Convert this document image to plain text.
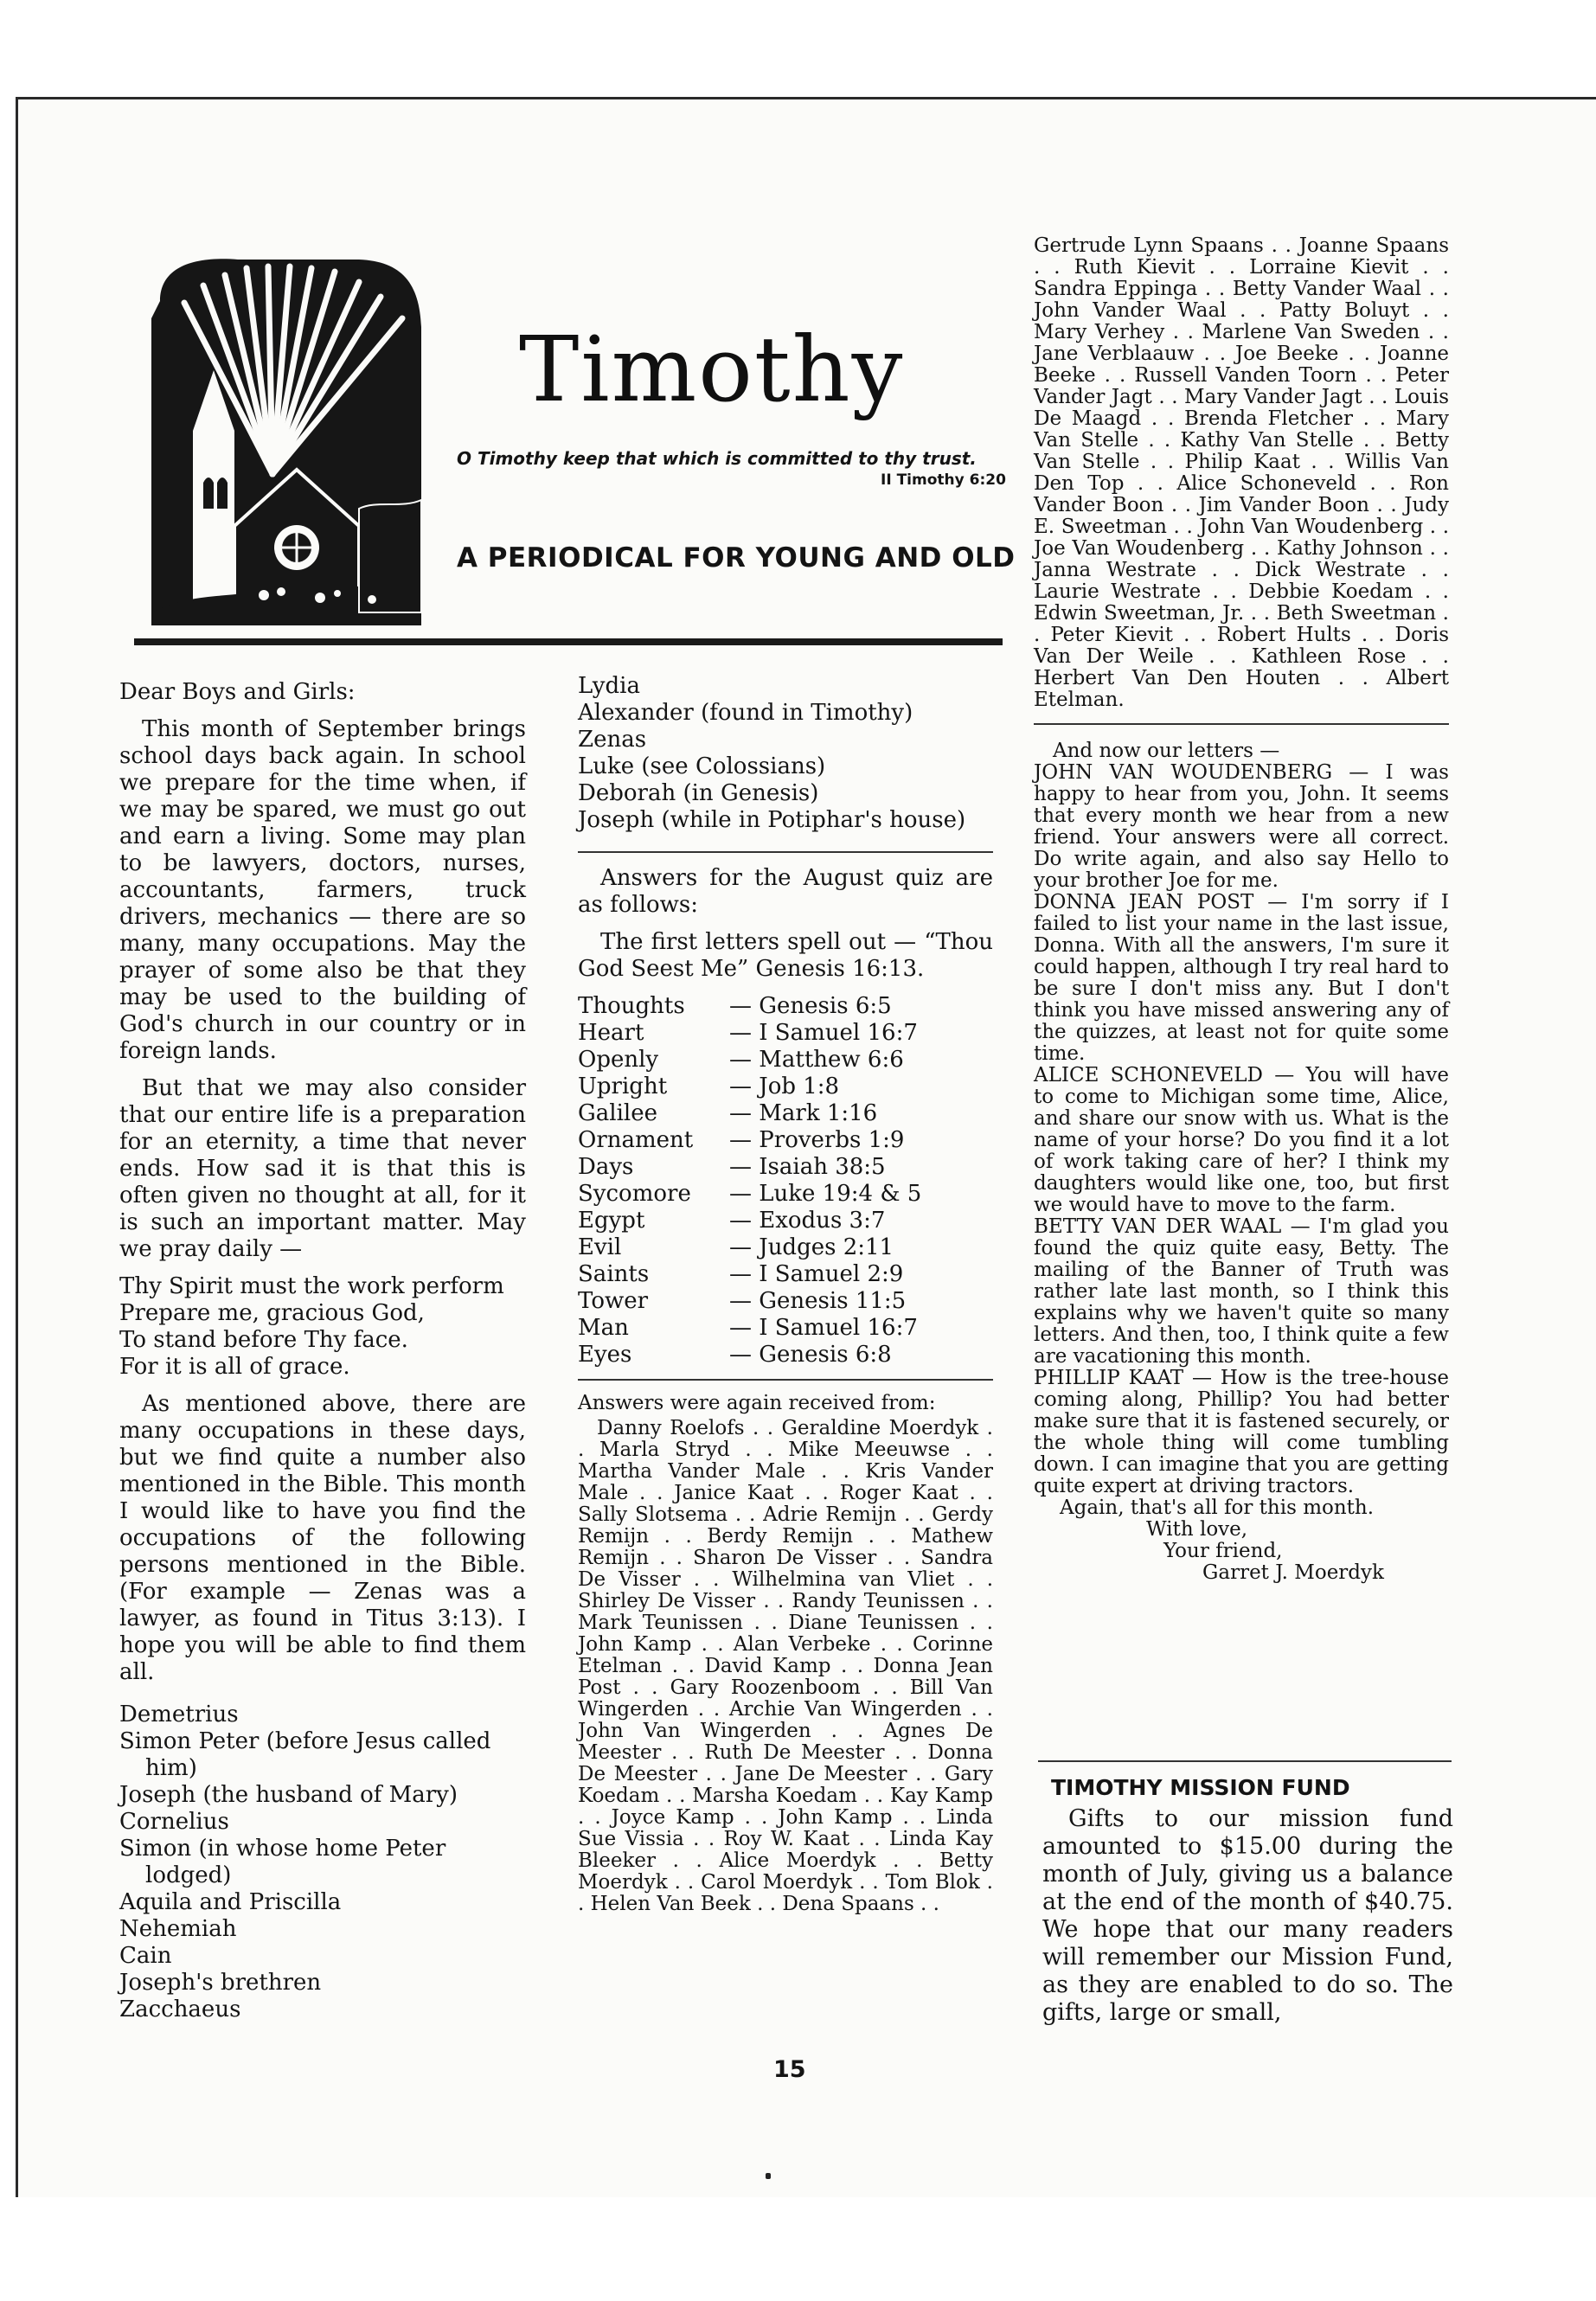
Timothy
O Timothy keep that which is committed to thy trust.
II Timothy 6:20
A PERIODICAL FOR YOUNG AND OLD

Dear Boys and Girls:

This month of September brings school days back again. In school we prepare for the time when, if we may be spared, we must go out and earn a living. Some may plan to be lawyers, doctors, nurses, accountants, farmers, truck drivers, mechanics — there are so many, many occupations. May the prayer of some also be that they may be used to the building of God's church in our country or in foreign lands.

But that we may also consider that our entire life is a preparation for an eternity, a time that never ends. How sad it is that this is often given no thought at all, for it is such an important matter. May we pray daily —

Thy Spirit must the work perform
Prepare me, gracious God,
To stand before Thy face.
For it is all of grace.

As mentioned above, there are many occupations in these days, but we find quite a number also mentioned in the Bible. This month I would like to have you find the occupations of the following persons mentioned in the Bible. (For example — Zenas was a lawyer, as found in Titus 3:13). I hope you will be able to find them all.

Demetrius
Simon Peter (before Jesus called him)
Joseph (the husband of Mary)
Cornelius
Simon (in whose home Peter lodged)
Aquila and Priscilla
Nehemiah
Cain
Joseph's brethren
Zacchaeus
Lydia
Alexander (found in Timothy)
Zenas
Luke (see Colossians)
Deborah (in Genesis)
Joseph (while in Potiphar's house)

Answers for the August quiz are as follows:

The first letters spell out — “Thou God Seest Me” Genesis 16:13.

Thoughts	— Genesis 6:5
Heart	— I Samuel 16:7
Openly	— Matthew 6:6
Upright	— Job 1:8
Galilee	— Mark 1:16
Ornament	— Proverbs 1:9
Days	— Isaiah 38:5
Sycomore	— Luke 19:4 & 5
Egypt	— Exodus 3:7
Evil	— Judges 2:11
Saints	— I Samuel 2:9
Tower	— Genesis 11:5
Man	— I Samuel 16:7
Eyes	— Genesis 6:8

Answers were again received from:

Danny Roelofs . . Geraldine Moerdyk . . Marla Stryd . . Mike Meeuwse . . Martha Vander Male . . Kris Vander Male . . Janice Kaat . . Roger Kaat . . Sally Slotsema . . Adrie Remijn . . Gerdy Remijn . . Berdy Remijn . . Mathew Remijn . . Sharon De Visser . . Sandra De Visser . . Wilhelmina van Vliet . . Shirley De Visser . . Randy Teunissen . . Mark Teunissen . . Diane Teunissen . . John Kamp . . Alan Verbeke . . Corinne Etelman . . David Kamp . . Donna Jean Post . . Gary Roozenboom . . Bill Van Wingerden . . Archie Van Wingerden . . John Van Wingerden . . Agnes De Meester . . Ruth De Meester . . Donna De Meester . . Jane De Meester . . Gary Koedam . . Marsha Koedam . . Kay Kamp . . Joyce Kamp . . John Kamp . . Linda Sue Vissia . . Roy W. Kaat . . Linda Kay Bleeker . . Alice Moerdyk . . Betty Moerdyk . . Carol Moerdyk . . Tom Blok . . Helen Van Beek . . Dena Spaans . .

Gertrude Lynn Spaans . . Joanne Spaans . . Ruth Kievit . . Lorraine Kievit . . Sandra Eppinga . . Betty Vander Waal . . John Vander Waal . . Patty Boluyt . . Mary Verhey . . Marlene Van Sweden . . Jane Verblaauw . . Joe Beeke . . Joanne Beeke . . Russell Vanden Toorn . . Peter Vander Jagt . . Mary Vander Jagt . . Louis De Maagd . . Brenda Fletcher . . Mary Van Stelle . . Kathy Van Stelle . . Betty Van Stelle . . Philip Kaat . . Willis Van Den Top . . Alice Schoneveld . . Ron Vander Boon . . Jim Vander Boon . . Judy E. Sweetman . . John Van Woudenberg . . Joe Van Woudenberg . . Kathy Johnson . . Janna Westrate . . Dick Westrate . . Laurie Westrate . . Debbie Koedam . . Edwin Sweetman, Jr. . . Beth Sweetman . . Peter Kievit . . Robert Hults . . Doris Van Der Weile . . Kathleen Rose . . Herbert Van Den Houten . . Albert Etelman.

And now our letters —

JOHN VAN WOUDENBERG — I was happy to hear from you, John. It seems that every month we hear from a new friend. Your answers were all correct. Do write again, and also say Hello to your brother Joe for me.

DONNA JEAN POST — I'm sorry if I failed to list your name in the last issue, Donna. With all the answers, I'm sure it could happen, although I try real hard to be sure I don't miss any. But I don't think you have missed answering any of the quizzes, at least not for quite some time.

ALICE SCHONEVELD — You will have to come to Michigan some time, Alice, and share our snow with us. What is the name of your horse? Do you find it a lot of work taking care of her? I think my daughters would like one, too, but first we would have to move to the farm.

BETTY VAN DER WAAL — I'm glad you found the quiz quite easy, Betty. The mailing of the Banner of Truth was rather late last month, so I think this explains why we haven't quite so many letters. And then, too, I think quite a few are vacationing this month.

PHILLIP KAAT — How is the tree-house coming along, Phillip? You had better make sure that it is fastened securely, or the whole thing will come tumbling down. I can imagine that you are getting quite expert at driving tractors.

Again, that's all for this month.
With love,
Your friend,
Garret J. Moerdyk
TIMOTHY MISSION FUND

Gifts to our mission fund amounted to $15.00 during the month of July, giving us a balance at the end of the month of $40.75. We hope that our many readers will remember our Mission Fund, as they are enabled to do so. The gifts, large or small,

15
